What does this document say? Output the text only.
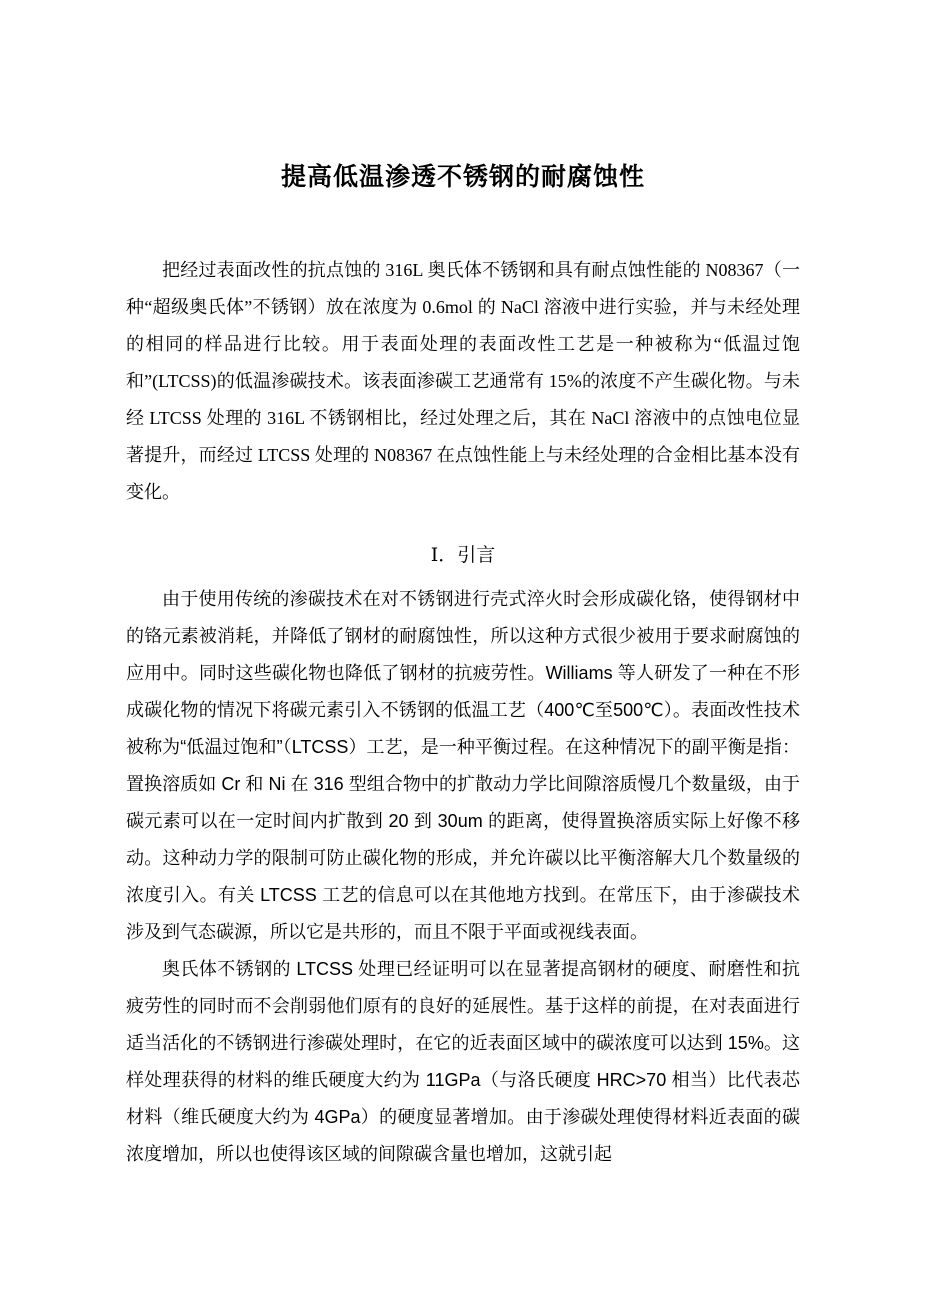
提高低温渗透不锈钢的耐腐蚀性

把经过表面改性的抗点蚀的 316L 奥氏体不锈钢和具有耐点蚀性能的 N08367（一种“超级奥氏体”不锈钢）放在浓度为 0.6mol 的 NaCl 溶液中进行实验，并与未经处理的相同的样品进行比较。用于表面处理的表面改性工艺是一种被称为“低温过饱和”(LTCSS)的低温渗碳技术。该表面渗碳工艺通常有 15%的浓度不产生碳化物。与未经 LTCSS 处理的 316L 不锈钢相比，经过处理之后，其在 NaCl 溶液中的点蚀电位显著提升，而经过 LTCSS 处理的 N08367 在点蚀性能上与未经处理的合金相比基本没有变化。

Ⅰ．引言

由于使用传统的渗碳技术在对不锈钢进行壳式淬火时会形成碳化铬，使得钢材中的铬元素被消耗，并降低了钢材的耐腐蚀性，所以这种方式很少被用于要求耐腐蚀的应用中。同时这些碳化物也降低了钢材的抗疲劳性。Williams 等人研发了一种在不形成碳化物的情况下将碳元素引入不锈钢的低温工艺（400℃至500℃）。表面改性技术被称为“低温过饱和”（LTCSS）工艺，是一种平衡过程。在这种情况下的副平衡是指：置换溶质如 Cr 和 Ni 在 316 型组合物中的扩散动力学比间隙溶质慢几个数量级，由于碳元素可以在一定时间内扩散到 20 到 30um 的距离，使得置换溶质实际上好像不移动。这种动力学的限制可防止碳化物的形成，并允许碳以比平衡溶解大几个数量级的浓度引入。有关 LTCSS 工艺的信息可以在其他地方找到。在常压下，由于渗碳技术涉及到气态碳源，所以它是共形的，而且不限于平面或视线表面。

奥氏体不锈钢的 LTCSS 处理已经证明可以在显著提高钢材的硬度、耐磨性和抗疲劳性的同时而不会削弱他们原有的良好的延展性。基于这样的前提，在对表面进行适当活化的不锈钢进行渗碳处理时，在它的近表面区域中的碳浓度可以达到 15%。这样处理获得的材料的维氏硬度大约为 11GPa（与洛氏硬度 HRC>70 相当）比代表芯材料（维氏硬度大约为 4GPa）的硬度显著增加。由于渗碳处理使得材料近表面的碳浓度增加，所以也使得该区域的间隙碳含量也增加，这就引起
